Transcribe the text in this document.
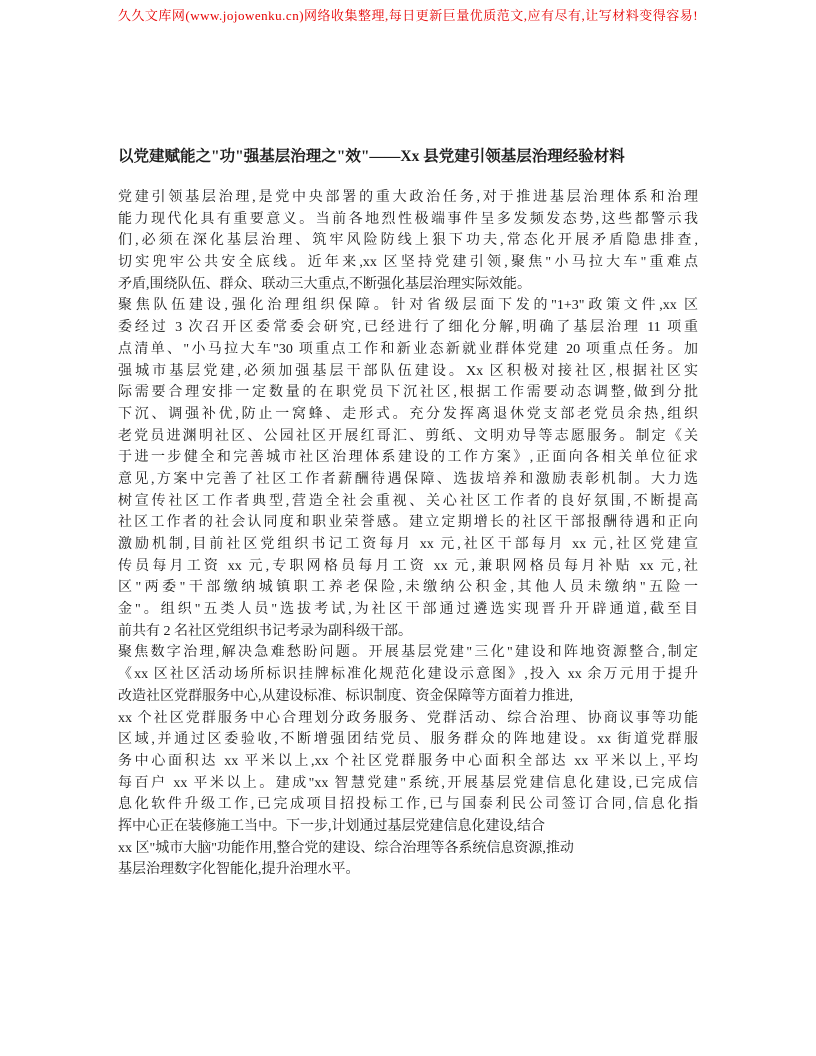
久久文库网(www.jojowenku.cn)网络收集整理,每日更新巨量优质范文,应有尽有,让写材料变得容易!
以党建赋能之"功"强基层治理之"效"——Xx 县党建引领基层治理经验材料
党建引领基层治理,是党中央部署的重大政治任务,对于推进基层治理体系和治理
能力现代化具有重要意义。当前各地烈性极端事件呈多发频发态势,这些都警示我
们,必须在深化基层治理、筑牢风险防线上狠下功夫,常态化开展矛盾隐患排查,
切实兜牢公共安全底线。近年来,xx 区坚持党建引领,聚焦"小马拉大车"重难点
矛盾,围绕队伍、群众、联动三大重点,不断强化基层治理实际效能。
聚焦队伍建设,强化治理组织保障。针对省级层面下发的"1+3"政策文件,xx 区
委经过 3 次召开区委常委会研究,已经进行了细化分解,明确了基层治理 11 项重
点清单、"小马拉大车"30 项重点工作和新业态新就业群体党建 20 项重点任务。加
强城市基层党建,必须加强基层干部队伍建设。Xx 区积极对接社区,根据社区实
际需要合理安排一定数量的在职党员下沉社区,根据工作需要动态调整,做到分批
下沉、调强补优,防止一窝蜂、走形式。充分发挥离退休党支部老党员余热,组织
老党员进渊明社区、公园社区开展红哥汇、剪纸、文明劝导等志愿服务。制定《关
于进一步健全和完善城市社区治理体系建设的工作方案》,正面向各相关单位征求
意见,方案中完善了社区工作者薪酬待遇保障、选拔培养和激励表彰机制。大力选
树宣传社区工作者典型,营造全社会重视、关心社区工作者的良好氛围,不断提高
社区工作者的社会认同度和职业荣誉感。建立定期增长的社区干部报酬待遇和正向
激励机制,目前社区党组织书记工资每月 xx 元,社区干部每月 xx 元,社区党建宣
传员每月工资 xx 元,专职网格员每月工资 xx 元,兼职网格员每月补贴 xx 元,社
区"两委"干部缴纳城镇职工养老保险,未缴纳公积金,其他人员未缴纳"五险一
金"。组织"五类人员"选拔考试,为社区干部通过遴选实现晋升开辟通道,截至目
前共有 2 名社区党组织书记考录为副科级干部。
聚焦数字治理,解决急难愁盼问题。开展基层党建"三化"建设和阵地资源整合,制定
《xx 区社区活动场所标识挂牌标准化规范化建设示意图》,投入 xx 余万元用于提升
改造社区党群服务中心,从建设标准、标识制度、资金保障等方面着力推进,
xx 个社区党群服务中心合理划分政务服务、党群活动、综合治理、协商议事等功能
区域,并通过区委验收,不断增强团结党员、服务群众的阵地建设。xx 街道党群服
务中心面积达 xx 平米以上,xx 个社区党群服务中心面积全部达 xx 平米以上,平均
每百户 xx 平米以上。建成"xx 智慧党建"系统,开展基层党建信息化建设,已完成信
息化软件升级工作,已完成项目招投标工作,已与国泰利民公司签订合同,信息化指
挥中心正在装修施工当中。下一步,计划通过基层党建信息化建设,结合
xx 区"城市大脑"功能作用,整合党的建设、综合治理等各系统信息资源,推动
基层治理数字化智能化,提升治理水平。
